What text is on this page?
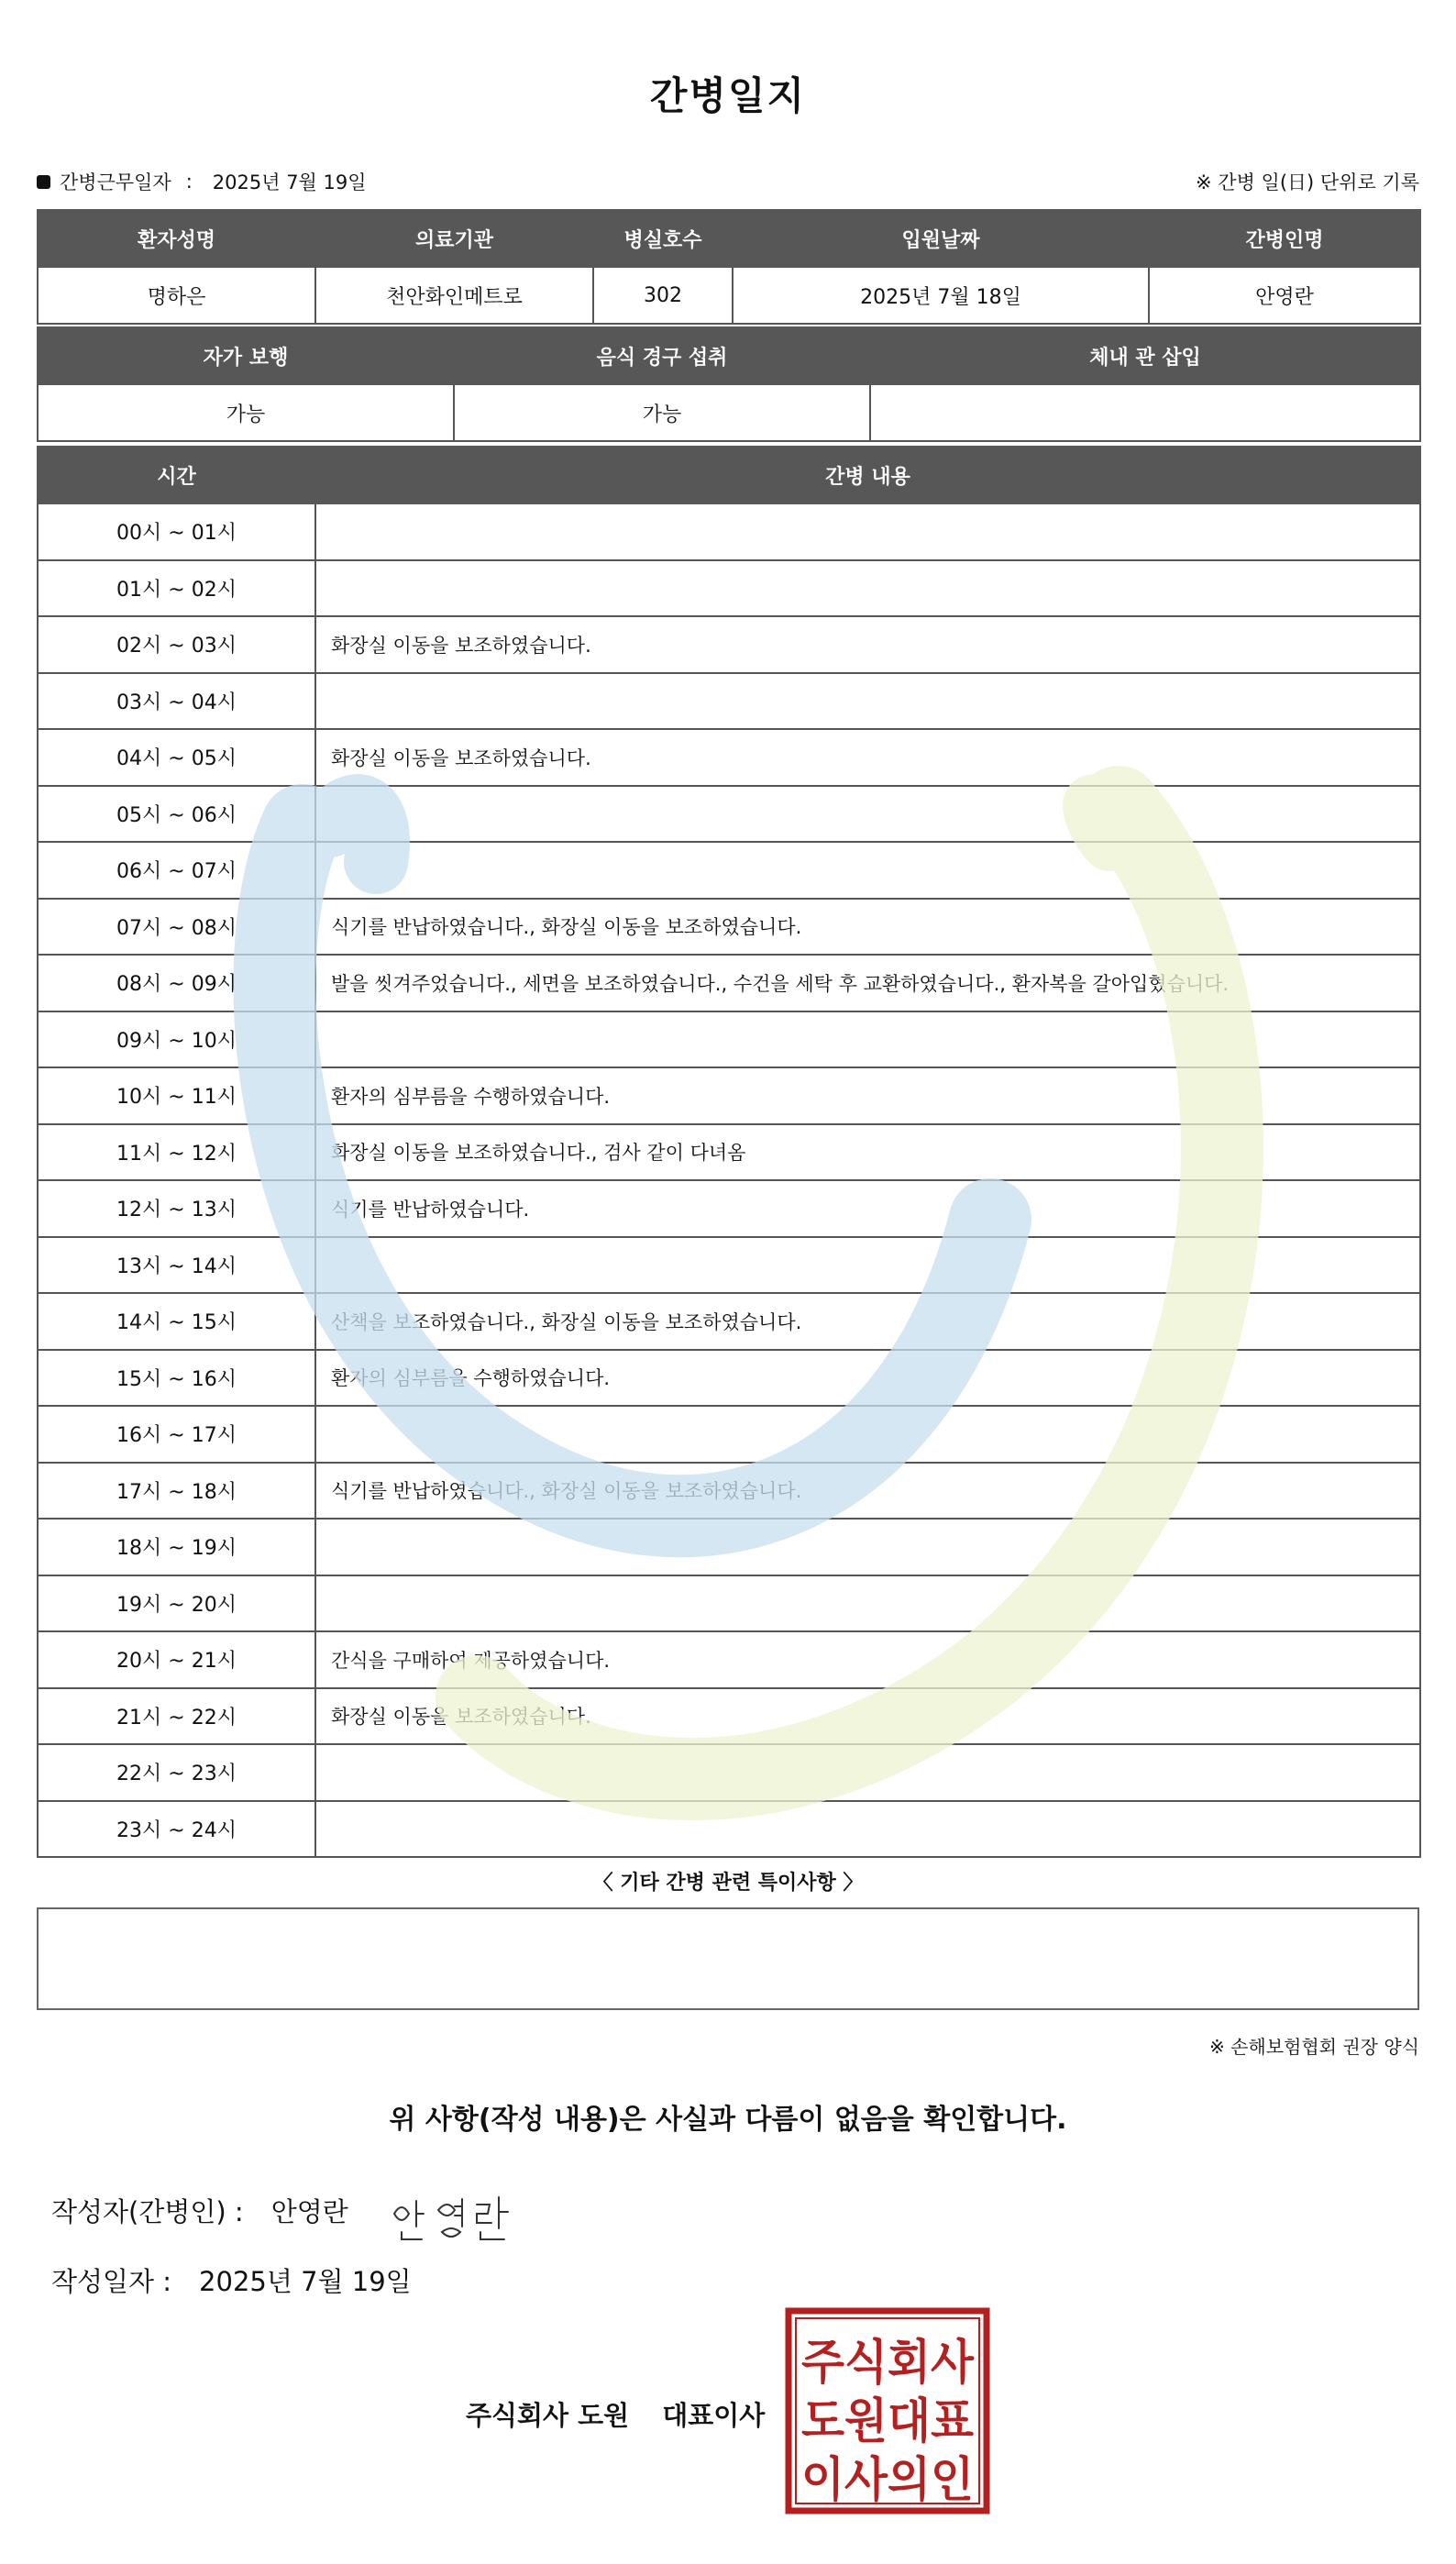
간병일지
간병근무일자 : 2025년 7월 19일	※ 간병 일(日) 단위로 기록
환자성명	의료기관	병실호수	입원날짜	간병인명
명하은	천안화인메트로	302	2025년 7월 18일	안영란
자가 보행	음식 경구 섭취	체내 관 삽입
가능	가능	
시간	간병 내용
00시 ~ 01시	
01시 ~ 02시	
02시 ~ 03시	화장실 이동을 보조하였습니다.
03시 ~ 04시	
04시 ~ 05시	화장실 이동을 보조하였습니다.
05시 ~ 06시	
06시 ~ 07시	
07시 ~ 08시	식기를 반납하였습니다., 화장실 이동을 보조하였습니다.
08시 ~ 09시	발을 씻겨주었습니다., 세면을 보조하였습니다., 수건을 세탁 후 교환하였습니다., 환자복을 갈아입혔습니다.
09시 ~ 10시	
10시 ~ 11시	환자의 심부름을 수행하였습니다.
11시 ~ 12시	화장실 이동을 보조하였습니다., 검사 같이 다녀옴
12시 ~ 13시	식기를 반납하였습니다.
13시 ~ 14시	
14시 ~ 15시	산책을 보조하였습니다., 화장실 이동을 보조하였습니다.
15시 ~ 16시	환자의 심부름을 수행하였습니다.
16시 ~ 17시	
17시 ~ 18시	식기를 반납하였습니다., 화장실 이동을 보조하였습니다.
18시 ~ 19시	
19시 ~ 20시	
20시 ~ 21시	간식을 구매하여 제공하였습니다.
21시 ~ 22시	화장실 이동을 보조하였습니다.
22시 ~ 23시	
23시 ~ 24시	
〈 기타 간병 관련 특이사항 〉
※ 손해보험협회 권장 양식
위 사항(작성 내용)은 사실과 다름이 없음을 확인합니다.
작성자(간병인) : 안영란
작성일자 : 2025년 7월 19일
주식회사 도원 대표이사
주식회사
도원대표
이사의인
